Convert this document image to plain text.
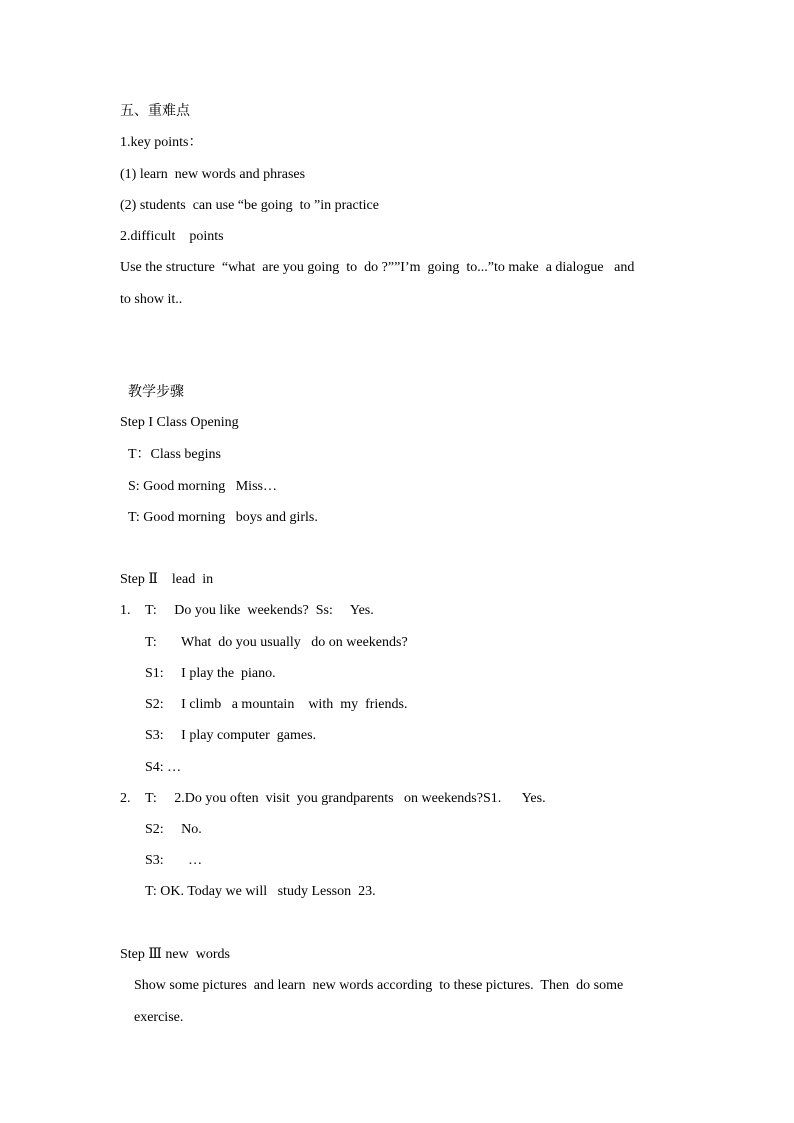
五、重难点
1.key points：
(1) learn  new words and phrases
(2) students  can use “be going  to ”in practice
2.difficult    points
Use the structure  “what  are you going  to  do ?””I’m  going  to...”to make  a dialogue   and
to show it..
教学步骤
Step I Class Opening
T：Class begins
S: Good morning   Miss…
T: Good morning   boys and girls.
Step Ⅱ    lead  in
1. T:     Do you like  weekends?  Ss:     Yes.
T:       What  do you usually   do on weekends?
S1:     I play the  piano.
S2:     I climb   a mountain    with  my  friends.
S3:     I play computer  games.
S4: …
2. T:     2.Do you often  visit  you grandparents   on weekends?S1.      Yes.
S2:     No.
S3:       …
T: OK. Today we will   study Lesson  23.
Step Ⅲ new  words
Show some pictures  and learn  new words according  to these pictures.  Then  do some
exercise.
